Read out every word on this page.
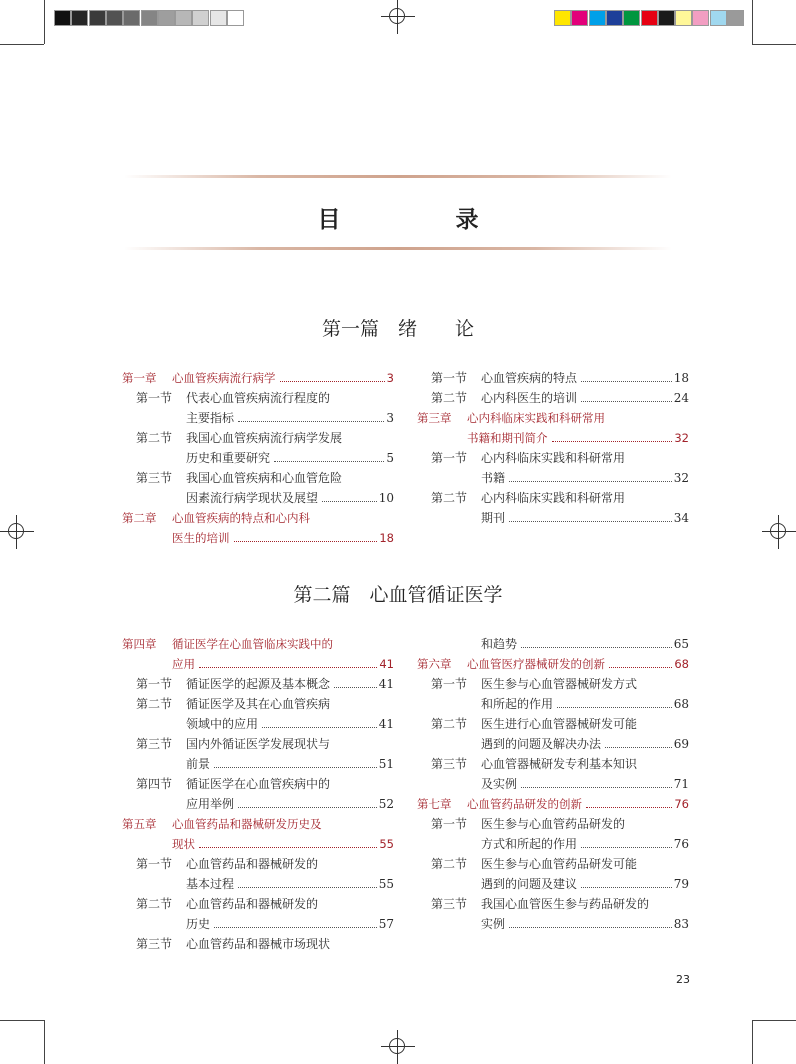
目　录
第一篇　绪　　论
第二篇　心血管循证医学
第一章 心血管疾病流行病学	3
第一节 代表心血管疾病流行程度的
主要指标	3
第二节 我国心血管疾病流行病学发展
历史和重要研究	5
第三节 我国心血管疾病和心血管危险
因素流行病学现状及展望	10
第二章 心血管疾病的特点和心内科
医生的培训	18
第一节 心血管疾病的特点	18
第二节 心内科医生的培训	24
第三章 心内科临床实践和科研常用
书籍和期刊简介	32
第一节 心内科临床实践和科研常用
书籍	32
第二节 心内科临床实践和科研常用
期刊	34
第四章 循证医学在心血管临床实践中的
应用	41
第一节 循证医学的起源及基本概念	41
第二节 循证医学及其在心血管疾病
领域中的应用	41
第三节 国内外循证医学发展现状与
前景	51
第四节 循证医学在心血管疾病中的
应用举例	52
第五章 心血管药品和器械研发历史及
现状	55
第一节 心血管药品和器械研发的
基本过程	55
第二节 心血管药品和器械研发的
历史	57
第三节 心血管药品和器械市场现状
和趋势	65
第六章 心血管医疗器械研发的创新	68
第一节 医生参与心血管器械研发方式
和所起的作用	68
第二节 医生进行心血管器械研发可能
遇到的问题及解决办法	69
第三节 心血管器械研发专利基本知识
及实例	71
第七章 心血管药品研发的创新	76
第一节 医生参与心血管药品研发的
方式和所起的作用	76
第二节 医生参与心血管药品研发可能
遇到的问题及建议	79
第三节 我国心血管医生参与药品研发的
实例	83
23
